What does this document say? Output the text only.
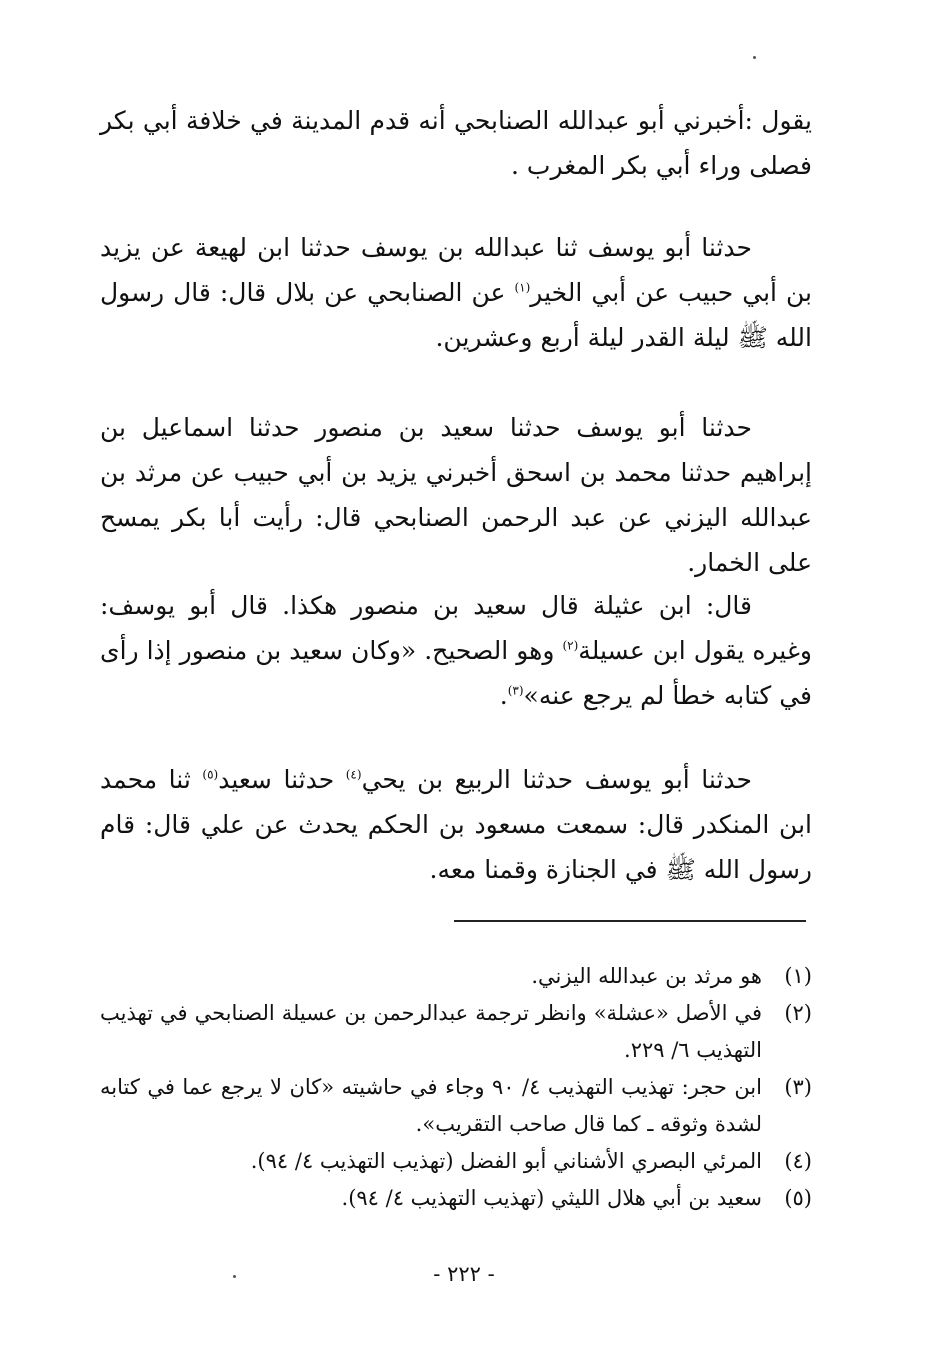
يقول :أخبرني أبو عبدالله الصنابحي أنه قدم المدينة في خلافة أبي بكر فصلى وراء أبي بكر المغرب .

حدثنا أبو يوسف ثنا عبدالله بن يوسف حدثنا ابن لهيعة عن يزيد بن أبي حبيب عن أبي الخير$^{(١)}$ عن الصنابحي عن بلال قال: قال رسول الله ﷺ ليلة القدر ليلة أربع وعشرين.

حدثنا أبو يوسف حدثنا سعيد بن منصور حدثنا اسماعيل بن إبراهيم حدثنا محمد بن اسحق أخبرني يزيد بن أبي حبيب عن مرثد بن عبدالله اليزني عن عبد الرحمن الصنابحي قال: رأيت أبا بكر يمسح على الخمار.

قال: ابن عثيلة قال سعيد بن منصور هكذا. قال أبو يوسف: وغيره يقول ابن عسيلة$^{(٢)}$ وهو الصحيح. «وكان سعيد بن منصور إذا رأى في كتابه خطأ لم يرجع عنه»$^{(٣)}$.

حدثنا أبو يوسف حدثنا الربيع بن يحي$^{(٤)}$ حدثنا سعيد$^{(٥)}$ ثنا محمد ابن المنكدر قال: سمعت مسعود بن الحكم يحدث عن علي قال: قام رسول الله ﷺ في الجنازة وقمنا معه.

(١)
هو مرثد بن عبدالله اليزني.
(٢)
في الأصل «عشلة» وانظر ترجمة عبدالرحمن بن عسيلة الصنابحي في تهذيب التهذيب ٦/ ٢٢٩.
(٣)
ابن حجر: تهذيب التهذيب ٤/ ٩٠ وجاء في حاشيته «كان لا يرجع عما في كتابه لشدة وثوقه ـ كما قال صاحب التقريب».
(٤)
المرئي البصري الأشناني أبو الفضل (تهذيب التهذيب ٤/ ٩٤).
(٥)
سعيد بن أبي هلال الليثي (تهذيب التهذيب ٤/ ٩٤).
- ٢٢٢ -
